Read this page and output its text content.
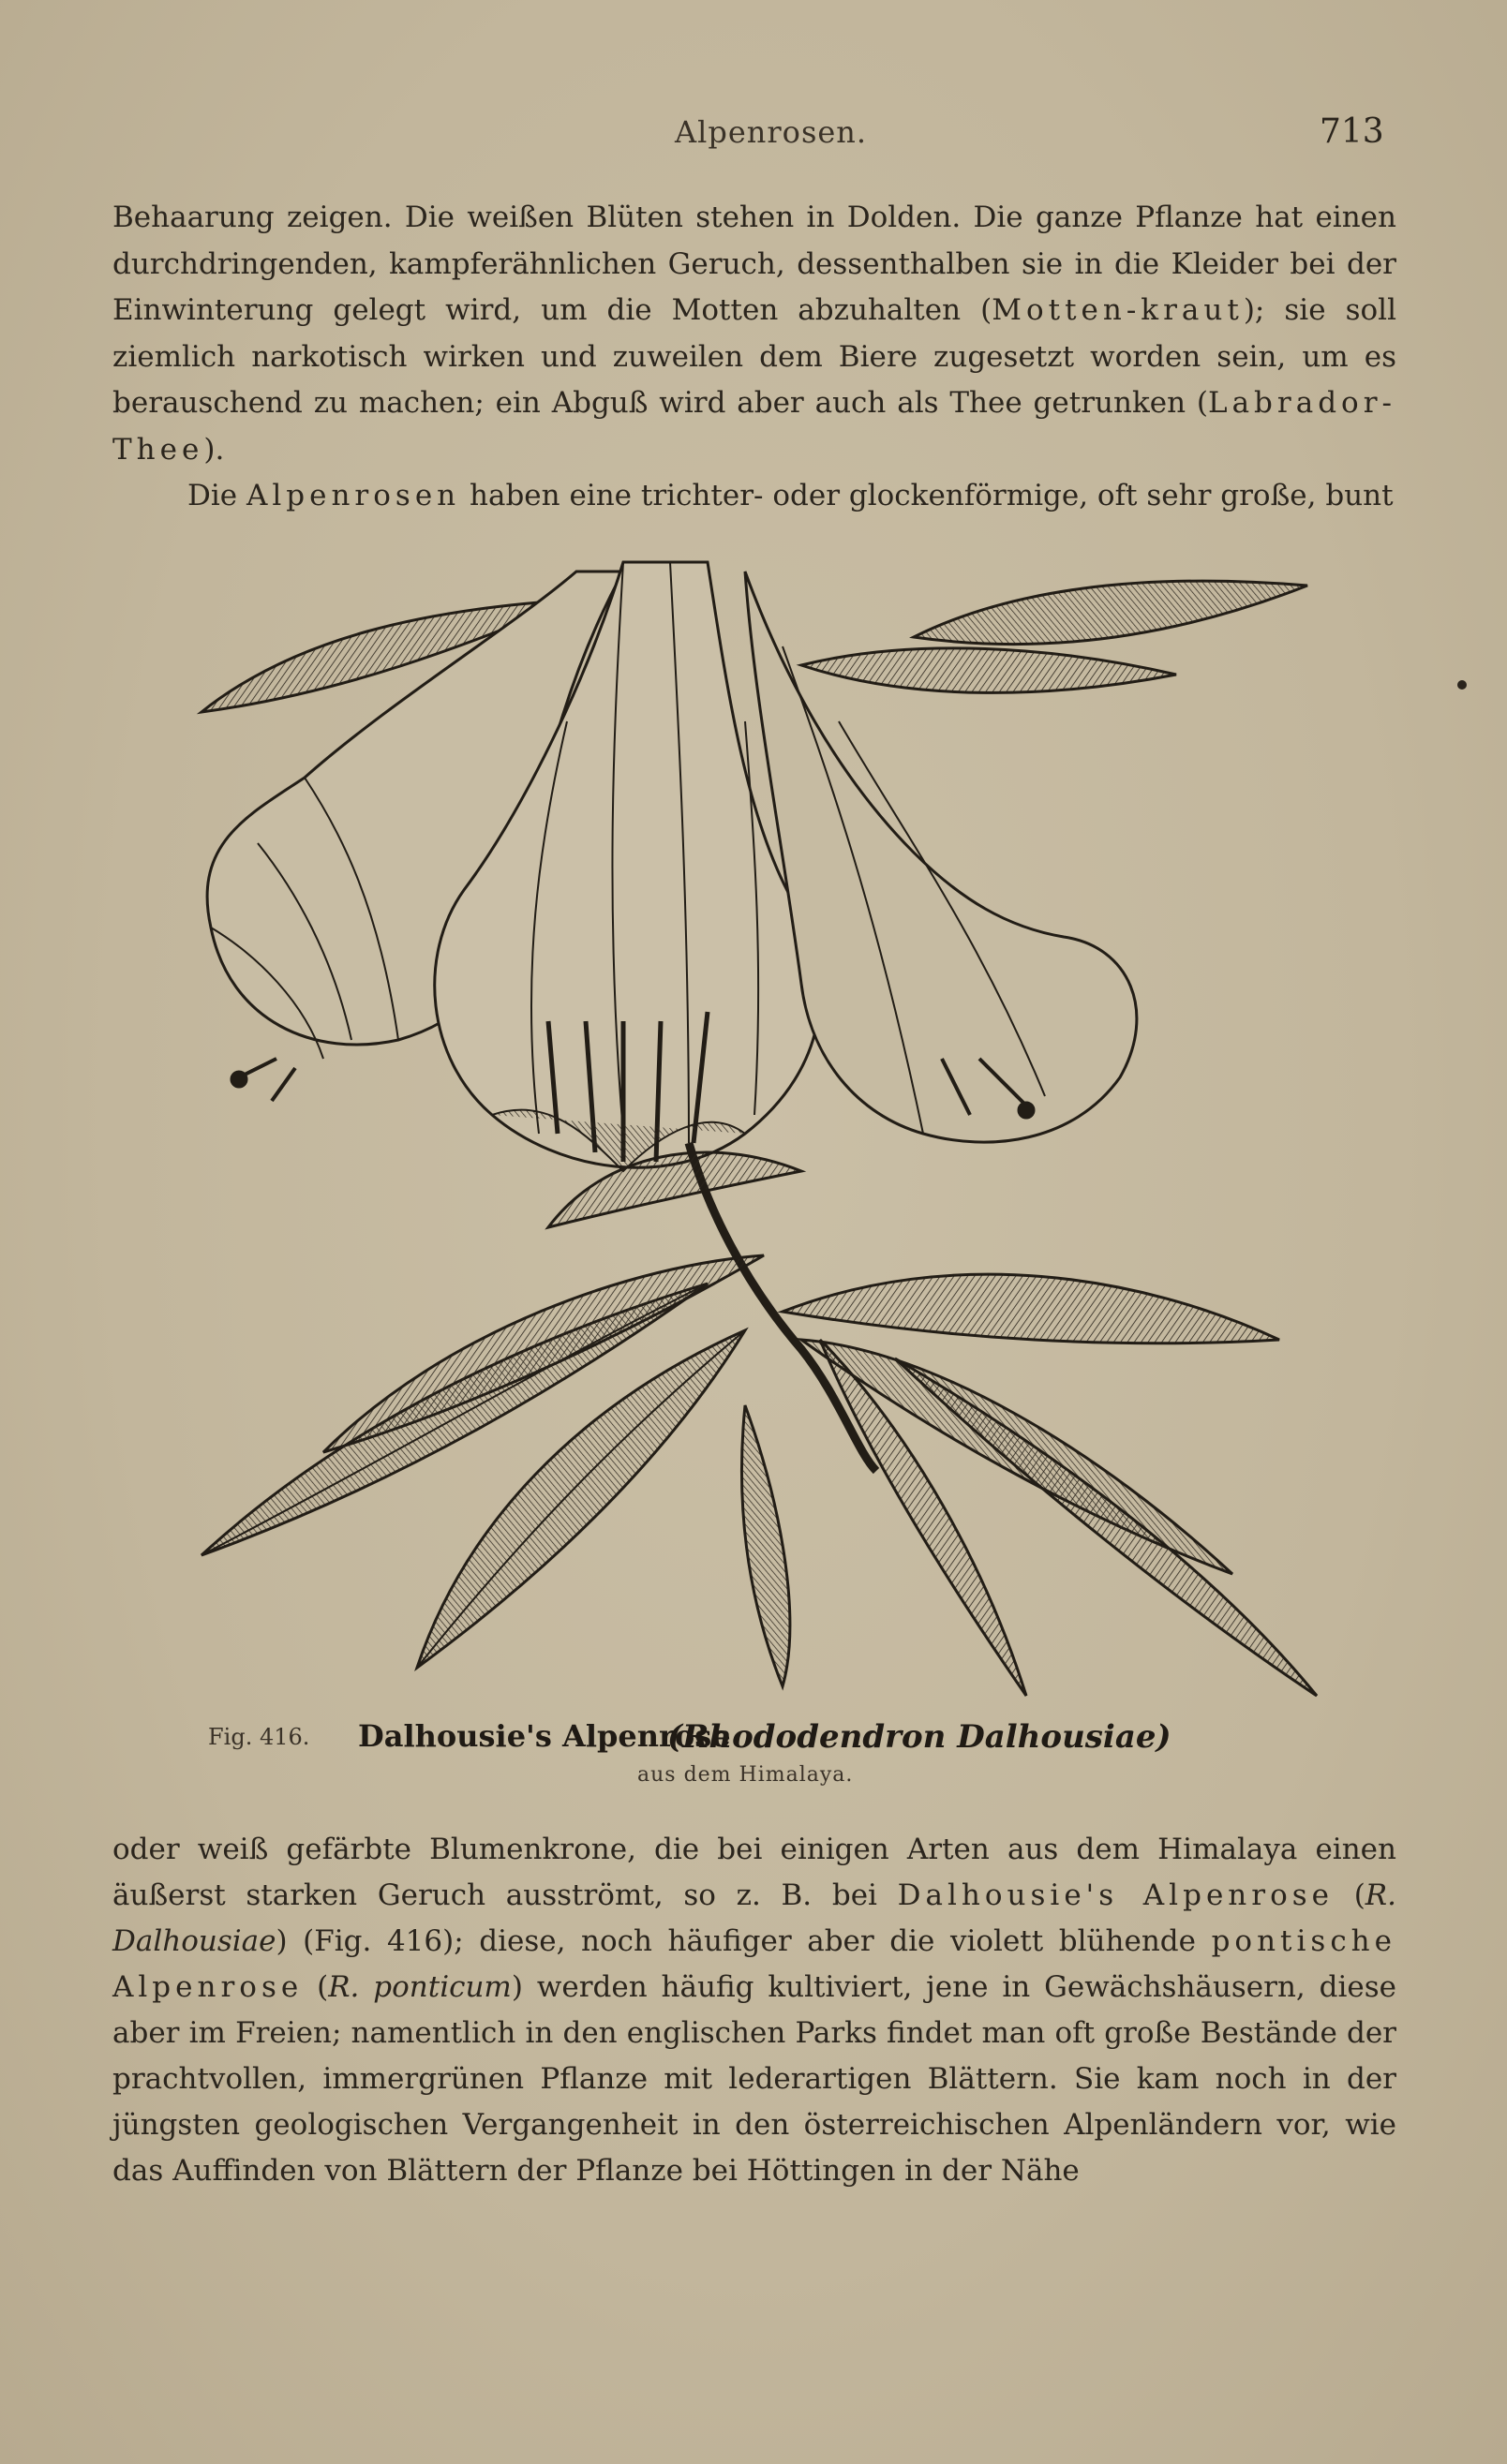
Alpenrosen.	713

Behaarung zeigen. Die weißen Blüten stehen in Dolden. Die ganze Pflanze hat einen durchdringenden, kampferähnlichen Geruch, dessenthalben sie in die Kleider bei der Einwinterung gelegt wird, um die Motten abzuhalten (Motten-kraut); sie soll ziemlich narkotisch wirken und zuweilen dem Biere zugesetzt worden sein, um es berauschend zu machen; ein Abguß wird aber auch als Thee getrunken (Labrador-Thee).

Die Alpenrosen haben eine trichter- oder glockenförmige, oft sehr große, bunt

Fig. 416. Dalhousie's Alpenrose
(Rhododendron Dalhousiae)
aus dem Himalaya.

oder weiß gefärbte Blumenkrone, die bei einigen Arten aus dem Himalaya einen äußerst starken Geruch ausströmt, so z. B. bei Dalhousie's Alpenrose (R. Dalhousiae) (Fig. 416); diese, noch häufiger aber die violett blühende pontische Alpenrose (R. ponticum) werden häufig kultiviert, jene in Gewächshäusern, diese aber im Freien; namentlich in den englischen Parks findet man oft große Bestände der prachtvollen, immergrünen Pflanze mit lederartigen Blättern. Sie kam noch in der jüngsten geologischen Vergangenheit in den österreichischen Alpenländern vor, wie das Auffinden von Blättern der Pflanze bei Höttingen in der Nähe
